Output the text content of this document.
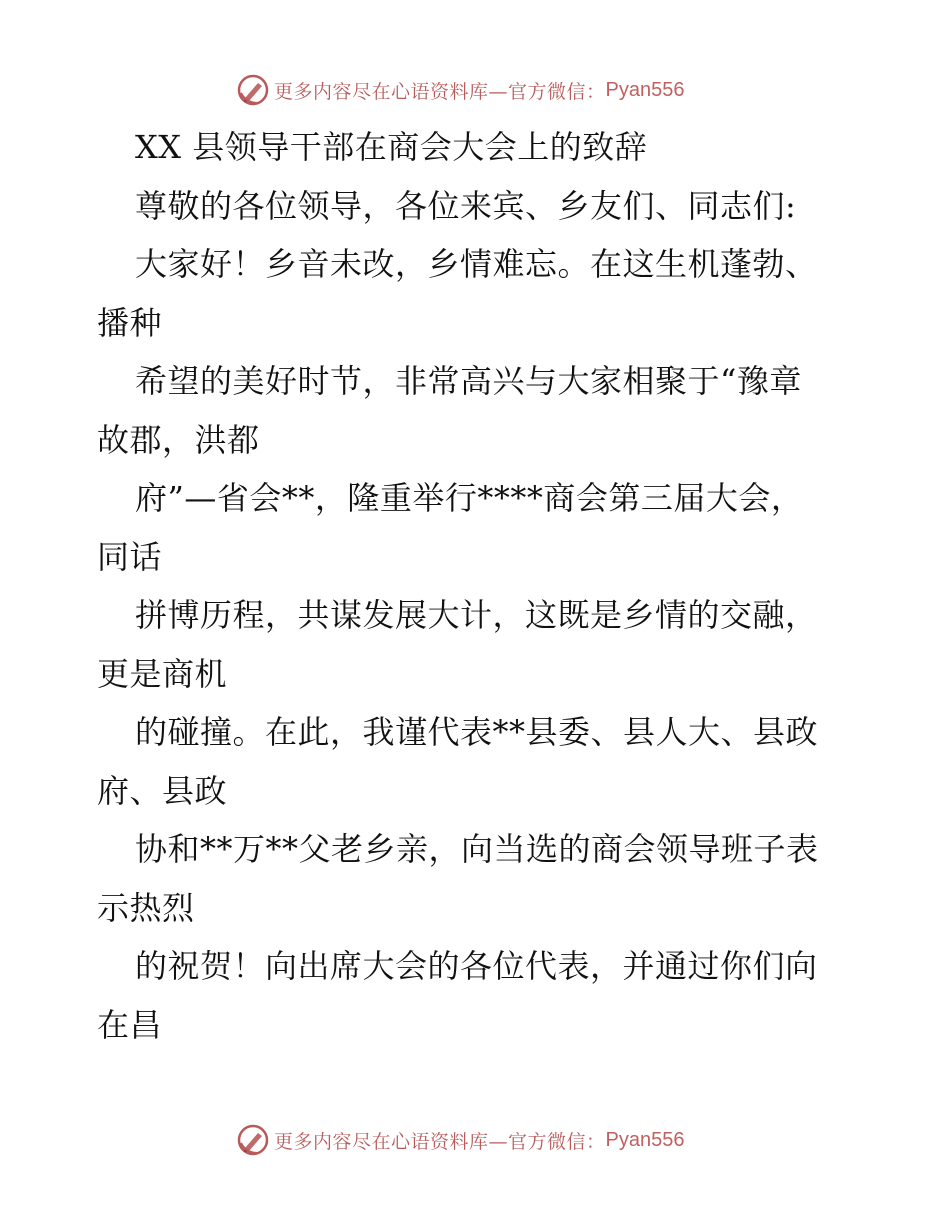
更多内容尽在心语资料库—官方微信： Pyan556
XX 县领导干部在商会大会上的致辞
尊敬的各位领导，各位来宾、乡友们、同志们:
大家好！乡音未改，乡情难忘。在这生机蓬勃、
播种
希望的美好时节，非常高兴与大家相聚于“豫章
故郡，洪都
府”—省会**，隆重举行****商会第三届大会，
同话
拼博历程，共谋发展大计，这既是乡情的交融，
更是商机
的碰撞。在此，我谨代表**县委、县人大、县政
府、县政
协和**万**父老乡亲，向当选的商会领导班子表
示热烈
的祝贺！向出席大会的各位代表，并通过你们向
在昌
更多内容尽在心语资料库—官方微信： Pyan556
